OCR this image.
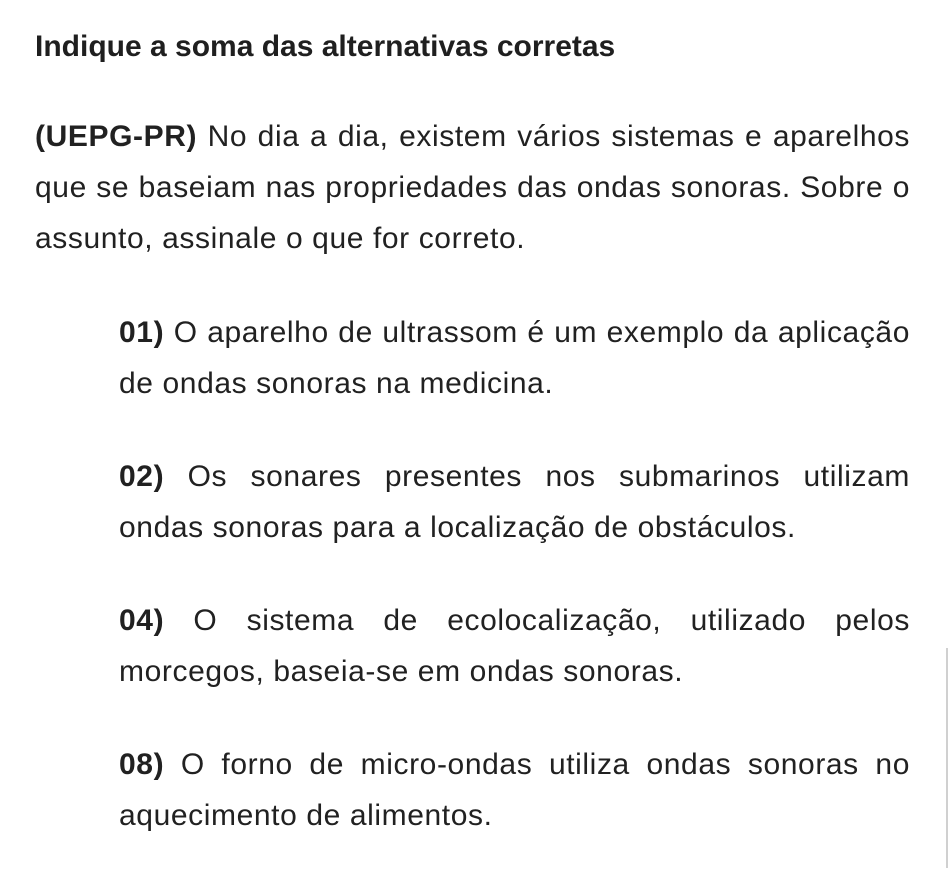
Indique a soma das alternativas corretas

(UEPG-PR) No dia a dia, existem vários sistemas e aparelhos que se baseiam nas propriedades das ondas sonoras. Sobre o assunto, assinale o que for correto.

01) O aparelho de ultrassom é um exemplo da aplicação de ondas sonoras na medicina.
02) Os sonares presentes nos submarinos utilizam ondas sonoras para a localização de obstáculos.
04) O sistema de ecolocalização, utilizado pelos morcegos, baseia-se em ondas sonoras.
08) O forno de micro-ondas utiliza ondas sonoras no aquecimento de alimentos.
